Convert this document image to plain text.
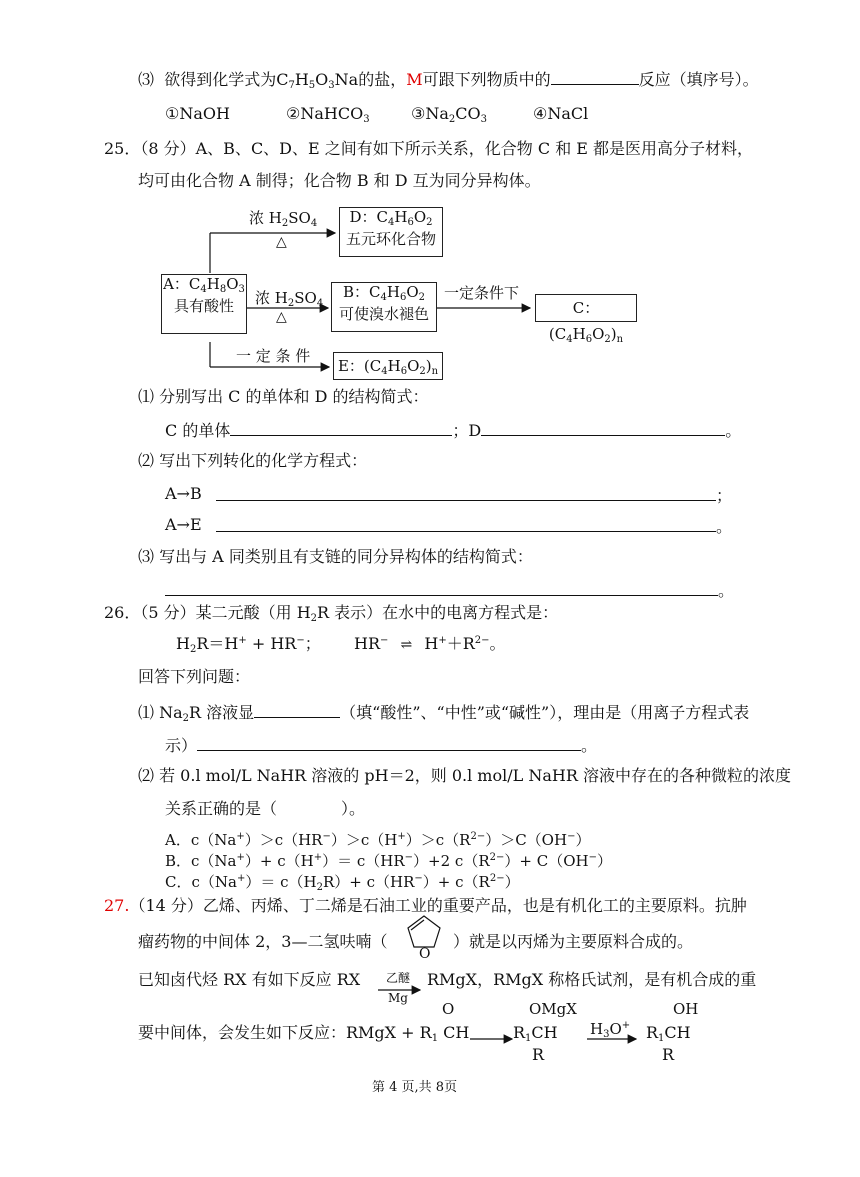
⑶ 欲得到化学式为$C_7H_5O_3Na$的盐，M可跟下列物质中的	反应（填序号）。
①NaOH	②NaHCO$_3$	$③Na_2CO_3$	④NaCl
25．（8 分）A、B、C、D、E 之间有如下所示关系，化合物 C 和 E 都是医用高分子材料，
均可由化合物 A 制得；化合物 B 和 D 互为同分异构体。
A：$C_4H_8O_3$
具有酸性
B：$C_4H_6O_2$
可使溴水褪色	C：$(C_4H_6O_2)_n$
D：$C_4H_6O_2$
五元环化合物
E：$(C_4H_6O_2)_n$
浓 $H_2SO_4$
△
浓 $H_2SO_4$
△
一定条件下
一 定 条 件
⑴ 分别写出 C 的单体和 D 的结构简式：
C 的单体	；D	。
⑵ 写出下列转化的化学方程式：
A→B	；
A→E	。
⑶ 写出与 A 同类别且有支链的同分异构体的结构简式：
。
26．（5 分）某二元酸（用 $H_2R$ 表示）在水中的电离方程式是：
$H_2R=H^+ + HR^-$； HR− ⇌ $H^++R^{2-}$。
回答下列问题：
⑴ $Na_2R$ 溶液显	（填“酸性”、“中性”或“碱性”），理由是（用离子方程式表
示）	。
⑵ 若 0.l mol/L NaHR 溶液的 pH＝2，则 0.l mol/L NaHR 溶液中存在的各种微粒的浓度
关系正确的是（　　　　）。
A．$c(Na^+)>c(HR^-)>c(H^+)>c(R^{2-})>C(OH^-)$
B．c（Na+）+ c（H+）＝ c（HR−）+2 $c(R^{2-})+ C(OH^-)$
C．$c(Na^+)= c(H_2R)+ c(HR^-)+ c(R^{2-})$
27.（14 分）乙烯、丙烯、丁二烯是石油工业的重要产品，也是有机化工的主要原料。抗肿
瘤药物的中间体 2，3—二氢呋喃（
O
）就是以丙烯为主要原料合成的。
已知卤代烃 RX 有如下反应 RX 乙醚
Mg
RMgX，RMgX 称格氏试剂，是有机合成的重
O	OMgX	OH
要中间体，会发生如下反应：RMgX + $R_1$ CH	$R_1CH$ $H_3O^+$ $R_1CH$
R	R
第 4 页,共 8页
